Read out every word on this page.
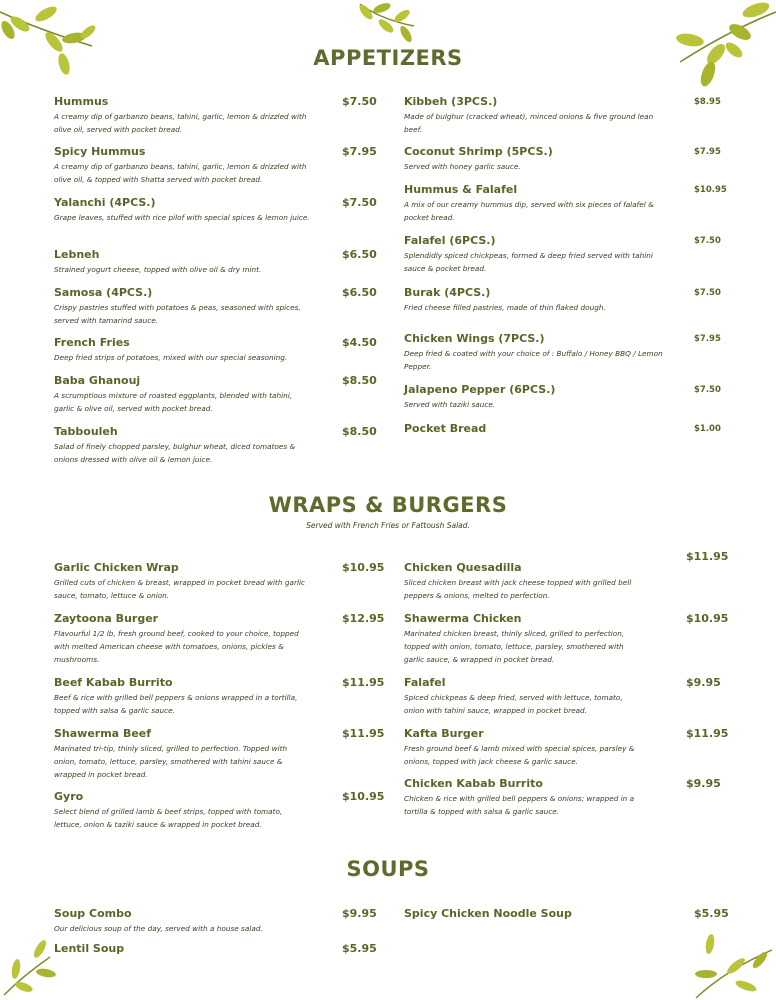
APPETIZERS
Hummus	$7.50
A creamy dip of garbanzo beans, tahini, garlic, lemon & drizzled with olive oil, served with pocket bread.
Spicy Hummus	$7.95
A creamy dip of garbanzo beans, tahini, garlic, lemon & drizzled with olive oil, & topped with Shatta served with pocket bread.
Yalanchi (4PCS.)	$7.50
Grape leaves, stuffed with rice pilof with special spices & lemon juice.
Lebneh	$6.50
Strained yogurt cheese, topped with olive oil & dry mint.
Samosa (4PCS.)	$6.50
Crispy pastries stuffed with potatoes & peas, seasoned with spices, served with tamarind sauce.
French Fries	$4.50
Deep fried strips of potatoes, mixed with our special seasoning.
Baba Ghanouj	$8.50
A scrumptious mixture of roasted eggplants, blended with tahini, garlic & olive oil, served with pocket bread.
Tabbouleh	$8.50
Salad of finely chopped parsley, bulghur wheat, diced tomatoes & onions dressed with olive oil & lemon juice.
Kibbeh (3PCS.)	$8.95
Made of bulghur (cracked wheat), minced onions & five ground lean beef.
Coconut Shrimp (5PCS.)	$7.95
Served with honey garlic sauce.
Hummus & Falafel	$10.95
A mix of our creamy hummus dip, served with six pieces of falafel & pocket bread.
Falafel (6PCS.)	$7.50
Splendidly spiced chickpeas, formed & deep fried served with tahini sauce & pocket bread.
Burak (4PCS.)	$7.50
Fried cheese filled pastries, made of thin flaked dough.
Chicken Wings (7PCS.)	$7.95
Deep fried & coated with your choice of : Buffalo / Honey BBQ / Lemon Pepper.
Jalapeno Pepper (6PCS.)	$7.50
Served with taziki sauce.
Pocket Bread	$1.00
WRAPS & BURGERS
Served with French Fries or Fattoush Salad.
Garlic Chicken Wrap	$10.95
Grilled cuts of chicken & breast, wrapped in pocket bread with garlic sauce, tomato, lettuce & onion.
Zaytoona Burger	$12.95
Flavourful 1/2 lb, fresh ground beef, cooked to your choice, topped with melted American cheese with tomatoes, onions, pickles & mushrooms.
Beef Kabab Burrito	$11.95
Beef & rice with grilled bell peppers & onions wrapped in a tortilla, topped with salsa & garlic sauce.
Shawerma Beef	$11.95
Marinated tri-tip, thinly sliced, grilled to perfection. Topped with onion, tomato, lettuce, parsley, smothered with tahini sauce & wrapped in pocket bread.
Gyro	$10.95
Select blend of grilled lamb & beef strips, topped with tomato, lettuce, onion & taziki sauce & wrapped in pocket bread.
Chicken Quesadilla
$11.95
Sliced chicken breast with jack cheese topped with grilled bell peppers & onions, melted to perfection.
Shawerma Chicken	$10.95
Marinated chicken breast, thinly sliced, grilled to perfection, topped with onion, tomato, lettuce, parsley, smothered with garlic sauce, & wrapped in pocket bread.
Falafel	$9.95
Spiced chickpeas & deep fried, served with lettuce, tomato, onion with tahini sauce, wrapped in pocket bread.
Kafta Burger	$11.95
Fresh ground beef & lamb mixed with special spices, parsley & onions, topped with jack cheese & garlic sauce.
Chicken Kabab Burrito	$9.95
Chicken & rice with grilled bell peppers & onions; wrapped in a tortilla & topped with salsa & garlic sauce.
SOUPS
Soup Combo	$9.95
Our delicious soup of the day, served with a house salad.
Lentil Soup	$5.95
Spicy Chicken Noodle Soup	$5.95
